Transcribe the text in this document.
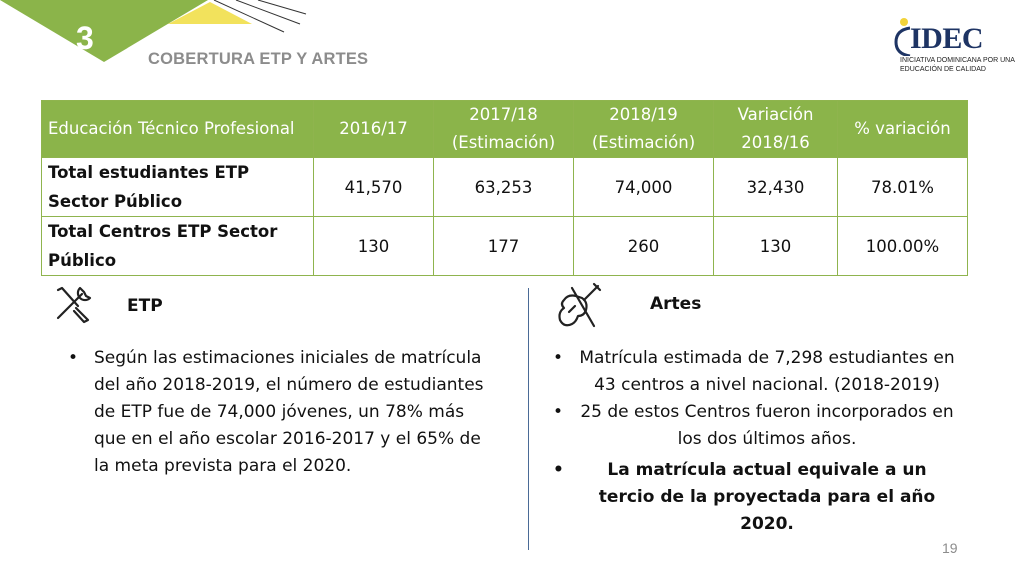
3
COBERTURA ETP Y ARTES
IDEC
INICIATIVA DOMINICANA POR UNA EDUCACIÓN DE CALIDAD
Educación Técnico Profesional	2016/17	2017/18 (Estimación)	2018/19 (Estimación)	Variación 2018/16	% variación
Total estudiantes ETP Sector Público	41,570	63,253	74,000	32,430	78.01%
Total Centros ETP Sector Público	130	177	260	130	100.00%
ETP
• Según las estimaciones iniciales de matrícula del año 2018-2019, el número de estudiantes de ETP fue de 74,000 jóvenes, un 78% más que en el año escolar 2016-2017 y el 65% de la meta prevista para el 2020.
Artes
• Matrícula estimada de 7,298 estudiantes en 43 centros a nivel nacional. (2018-2019)
• 25 de estos Centros fueron incorporados en los dos últimos años.
• La matrícula actual equivale a un tercio de la proyectada para el año 2020.
19
